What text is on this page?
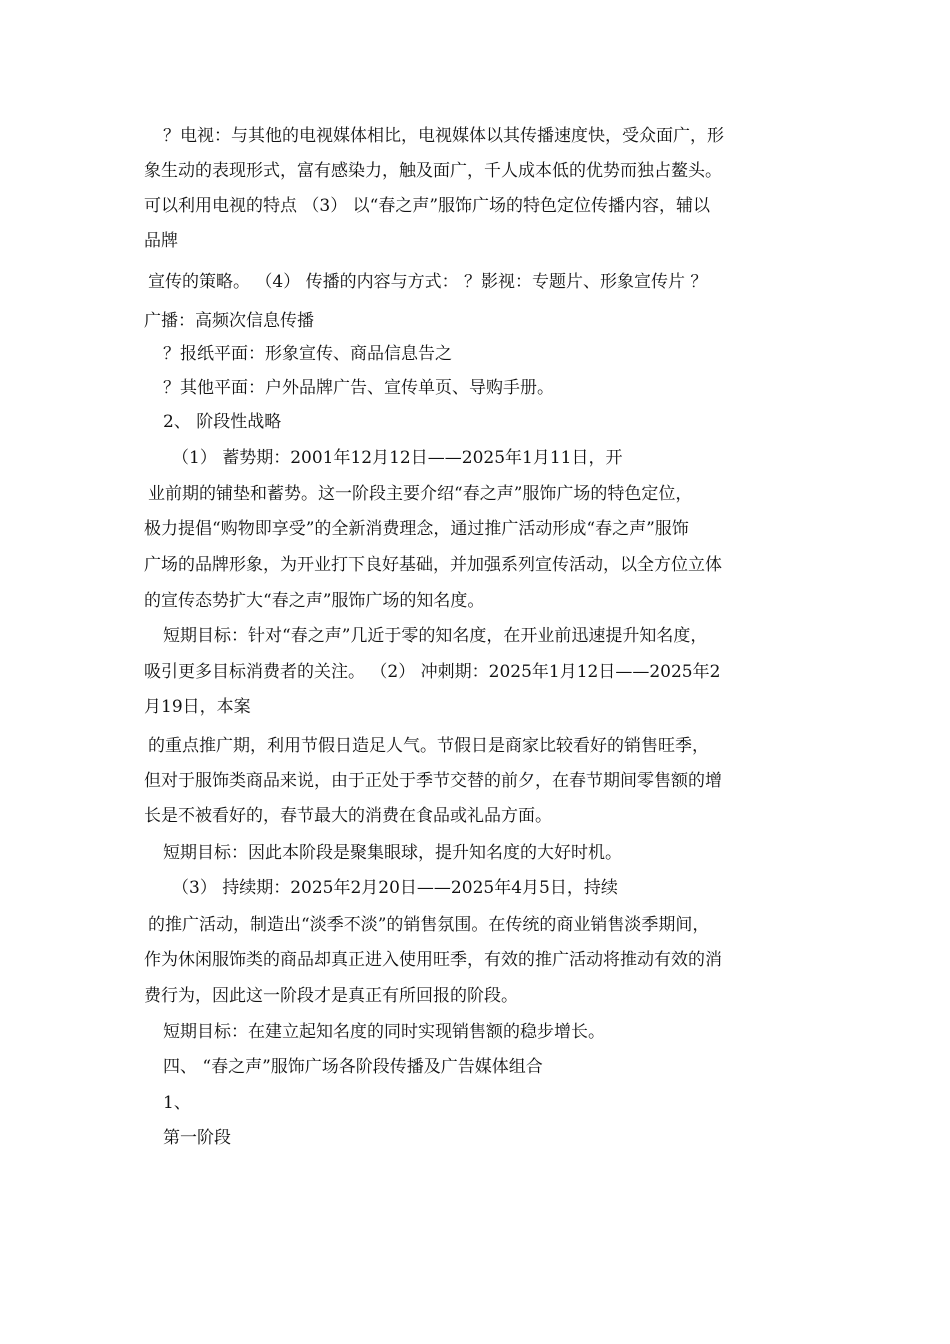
？电视：与其他的电视媒体相比，电视媒体以其传播速度快，受众面广，形
象生动的表现形式，富有感染力，触及面广，千人成本低的优势而独占鳌头。
可以利用电视的特点 （3） 以“春之声”服饰广场的特色定位传播内容，辅以
品牌
宣传的策略。 （4） 传播的内容与方式： ？影视：专题片、形象宣传片 ？
广播：高频次信息传播
？报纸平面：形象宣传、商品信息告之
？其他平面：户外品牌广告、宣传单页、导购手册。
2、 阶段性战略
（1） 蓄势期：2001年12月12日——2025年1月11日，开
业前期的铺垫和蓄势。这一阶段主要介绍“春之声”服饰广场的特色定位，
极力提倡“购物即享受”的全新消费理念，通过推广活动形成“春之声”服饰
广场的品牌形象，为开业打下良好基础，并加强系列宣传活动，以全方位立体
的宣传态势扩大“春之声”服饰广场的知名度。
短期目标：针对“春之声”几近于零的知名度，在开业前迅速提升知名度，
吸引更多目标消费者的关注。 （2） 冲刺期：2025年1月12日——2025年2
月19日，本案
的重点推广期，利用节假日造足人气。节假日是商家比较看好的销售旺季，
但对于服饰类商品来说，由于正处于季节交替的前夕，在春节期间零售额的增
长是不被看好的，春节最大的消费在食品或礼品方面。
短期目标：因此本阶段是聚集眼球，提升知名度的大好时机。
（3） 持续期：2025年2月20日——2025年4月5日，持续
的推广活动，制造出“淡季不淡”的销售氛围。在传统的商业销售淡季期间，
作为休闲服饰类的商品却真正进入使用旺季，有效的推广活动将推动有效的消
费行为，因此这一阶段才是真正有所回报的阶段。
短期目标：在建立起知名度的同时实现销售额的稳步增长。
四、 “春之声”服饰广场各阶段传播及广告媒体组合
1、
第一阶段
